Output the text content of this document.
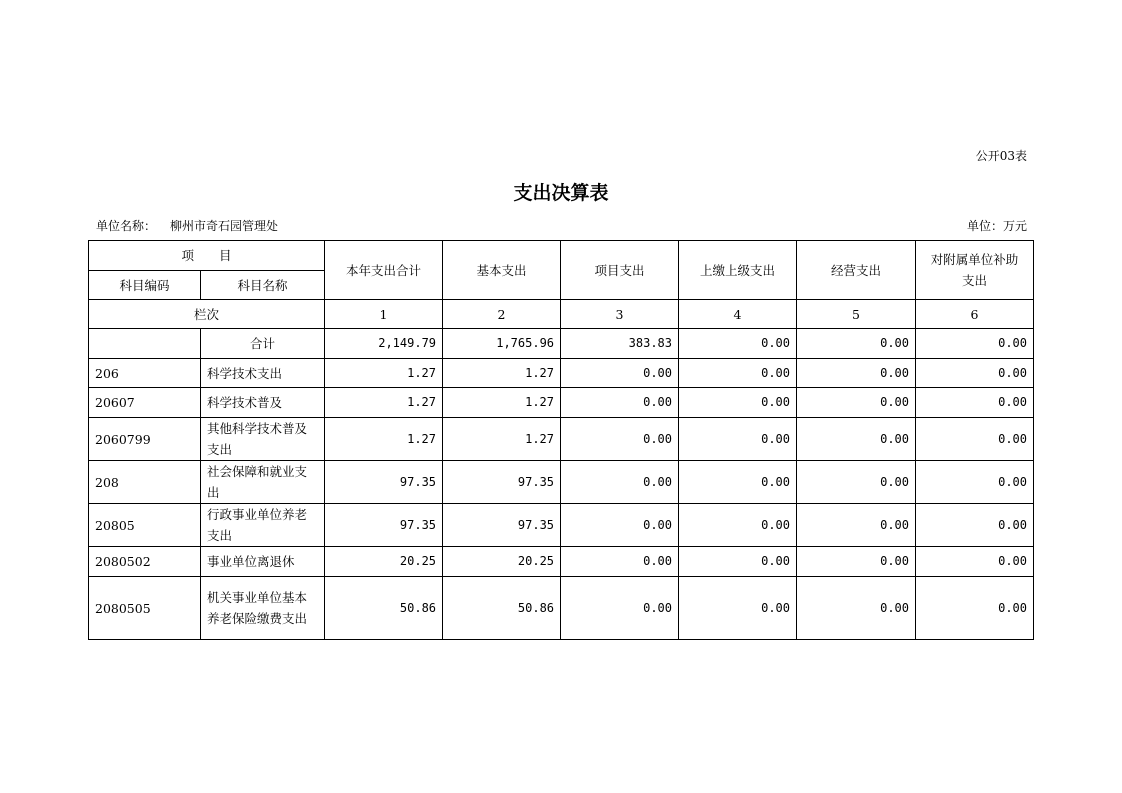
公开03表
支出决算表
单位名称： 柳州市奇石园管理处	单位：万元
项　　目		本年支出合计	基本支出	项目支出	上缴上级支出	经营支出	对附属单位补助支出
科目编码	科目名称						
栏次		1	2	3	4	5	6
	合计	2,149.79	1,765.96	383.83	0.00	0.00	0.00
206	科学技术支出	1.27	1.27	0.00	0.00	0.00	0.00
20607	科学技术普及	1.27	1.27	0.00	0.00	0.00	0.00
2060799	其他科学技术普及支出	1.27	1.27	0.00	0.00	0.00	0.00
208	社会保障和就业支出	97.35	97.35	0.00	0.00	0.00	0.00
20805	行政事业单位养老支出	97.35	97.35	0.00	0.00	0.00	0.00
2080502	事业单位离退休	20.25	20.25	0.00	0.00	0.00	0.00
2080505	机关事业单位基本养老保险缴费支出	50.86	50.86	0.00	0.00	0.00	0.00
